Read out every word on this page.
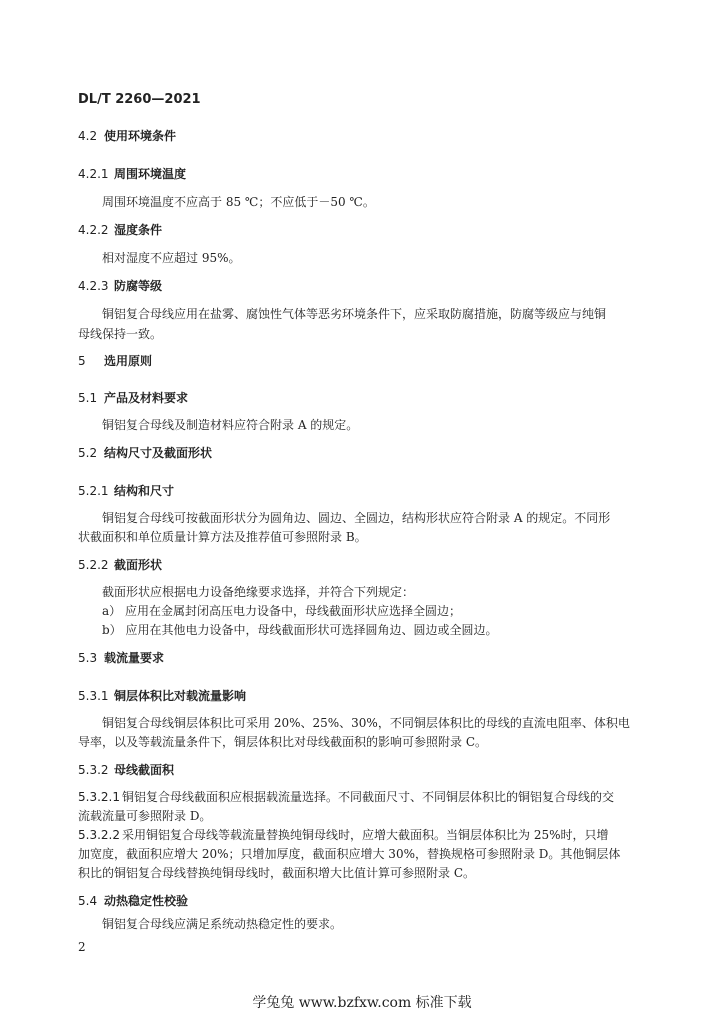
DL/T 2260—2021
4.2 使用环境条件
4.2.1 周围环境温度
周围环境温度不应高于 85 ℃；不应低于－50 ℃。
4.2.2 湿度条件
相对湿度不应超过 95%。
4.2.3 防腐等级
铜铝复合母线应用在盐雾、腐蚀性气体等恶劣环境条件下，应采取防腐措施，防腐等级应与纯铜
母线保持一致。
5 选用原则
5.1 产品及材料要求
铜铝复合母线及制造材料应符合附录 A 的规定。
5.2 结构尺寸及截面形状
5.2.1 结构和尺寸
铜铝复合母线可按截面形状分为圆角边、圆边、全圆边，结构形状应符合附录 A 的规定。不同形
状截面积和单位质量计算方法及推荐值可参照附录 B。
5.2.2 截面形状
截面形状应根据电力设备绝缘要求选择，并符合下列规定：
a） 应用在金属封闭高压电力设备中，母线截面形状应选择全圆边；
b） 应用在其他电力设备中，母线截面形状可选择圆角边、圆边或全圆边。
5.3 载流量要求
5.3.1 铜层体积比对载流量影响
铜铝复合母线铜层体积比可采用 20%、25%、30%，不同铜层体积比的母线的直流电阻率、体积电
导率，以及等载流量条件下，铜层体积比对母线截面积的影响可参照附录 C。
5.3.2 母线截面积
5.3.2.1 铜铝复合母线截面积应根据载流量选择。不同截面尺寸、不同铜层体积比的铜铝复合母线的交
流载流量可参照附录 D。
5.3.2.2 采用铜铝复合母线等载流量替换纯铜母线时，应增大截面积。当铜层体积比为 25%时，只增
加宽度，截面积应增大 20%；只增加厚度，截面积应增大 30%，替换规格可参照附录 D。其他铜层体
积比的铜铝复合母线替换纯铜母线时，截面积增大比值计算可参照附录 C。
5.4 动热稳定性校验
铜铝复合母线应满足系统动热稳定性的要求。
2
学兔兔 www.bzfxw.com 标准下载
